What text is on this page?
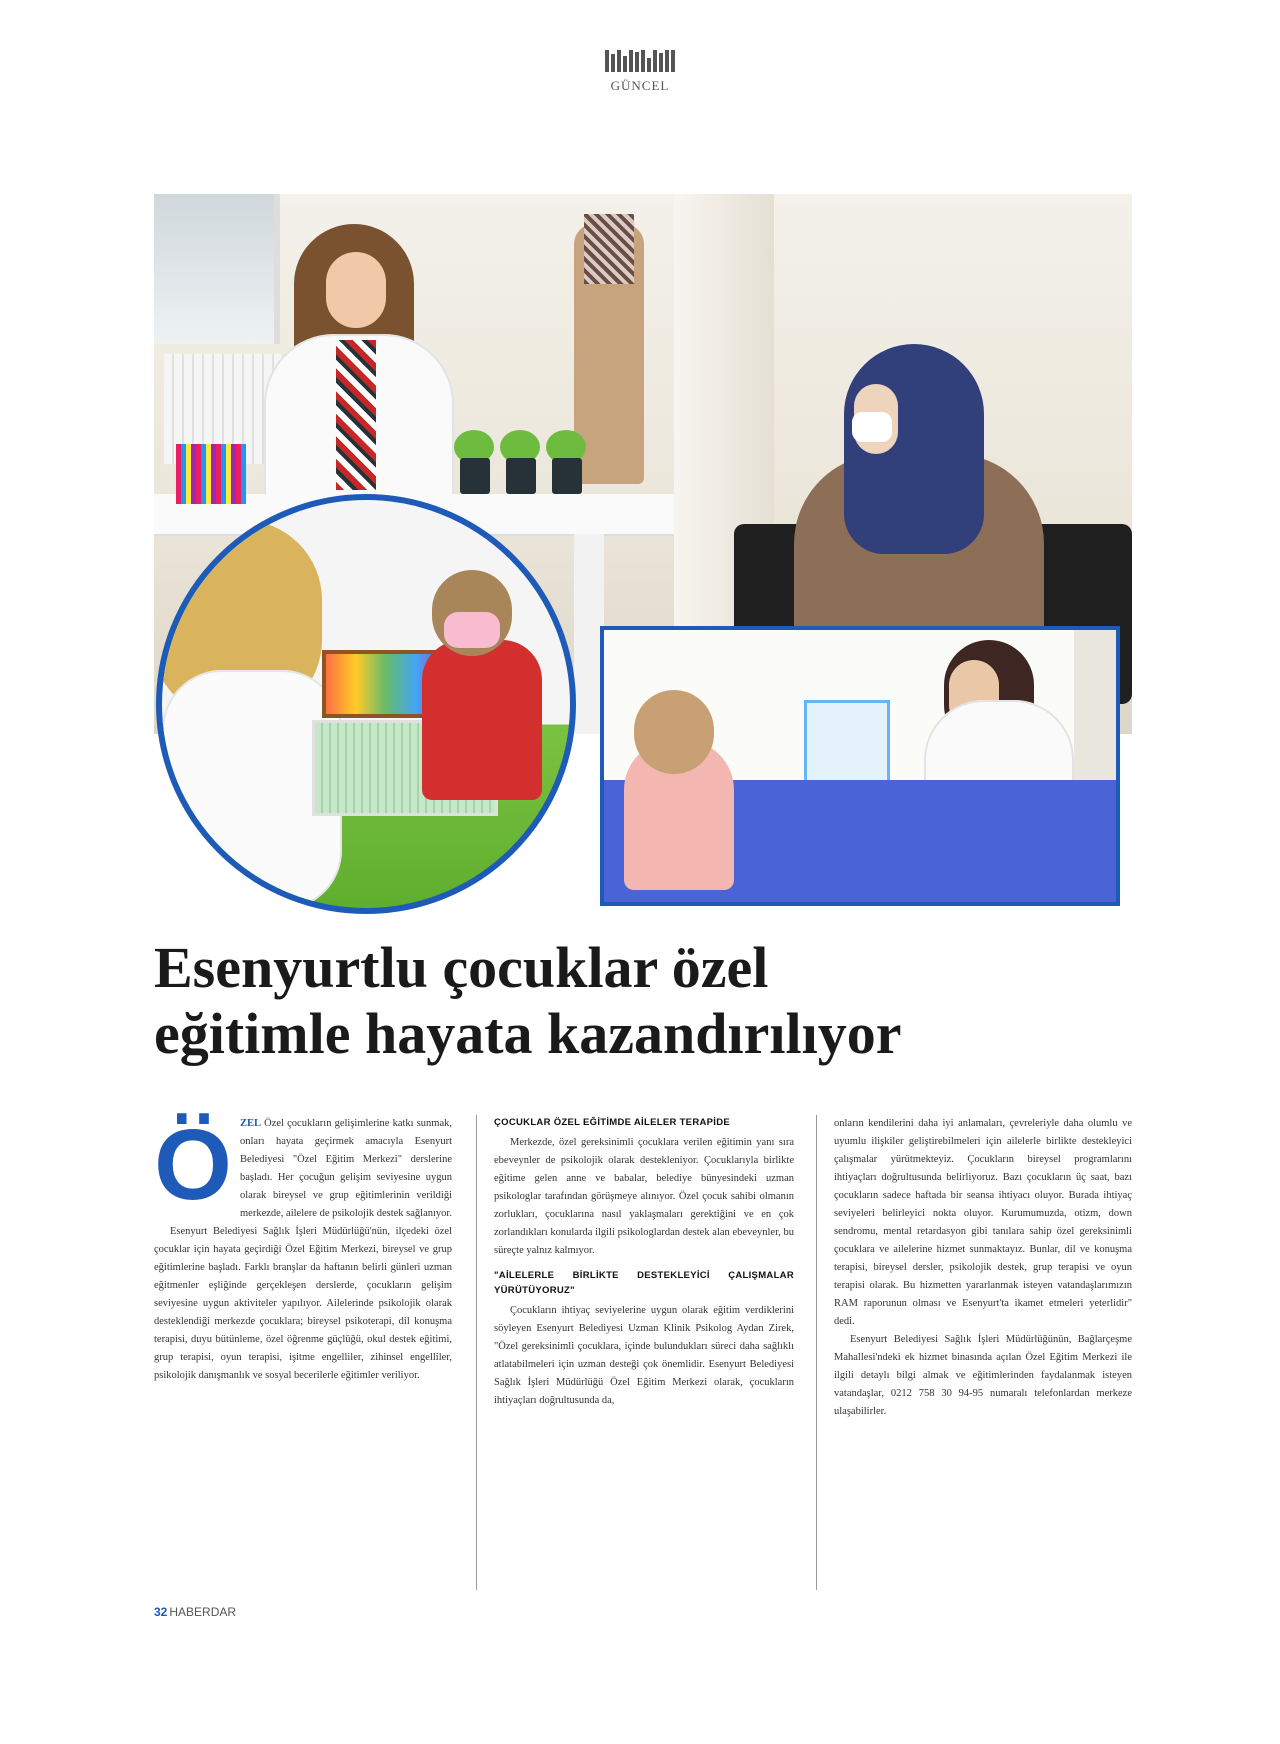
GÜNCEL
Esenyurtlu çocuklar özel
eğitimle hayata kazandırılıyor
Ö ZEL Özel çocukların gelişimlerine katkı sunmak, onları hayata geçirmek amacıyla Esenyurt Belediyesi "Özel Eğitim Merkezi" derslerine başladı. Her çocuğun gelişim seviyesine uygun olarak bireysel ve grup eğitimlerinin verildiği merkezde, ailelere de psikolojik destek sağlanıyor.

Esenyurt Belediyesi Sağlık İşleri Müdürlüğü'nün, ilçedeki özel çocuklar için hayata geçirdiği Özel Eğitim Merkezi, bireysel ve grup eğitimlerine başladı. Farklı branşlar da haftanın belirli günleri uzman eğitmenler eşliğinde gerçekleşen derslerde, çocukların gelişim seviyesine uygun aktiviteler yapılıyor. Ailelerinde psikolojik olarak desteklendiği merkezde çocuklara; bireysel psikoterapi, dil konuşma terapisi, duyu bütünleme, özel öğrenme güçlüğü, okul destek eğitimi, grup terapisi, oyun terapisi, işitme engelliler, zihinsel engelliler, psikolojik danışmanlık ve sosyal becerilerle eğitimler veriliyor.

ÇOCUKLAR ÖZEL EĞİTİMDE AİLELER TERAPİDE

Merkezde, özel gereksinimli çocuklara verilen eğitimin yanı sıra ebeveynler de psikolojik olarak destekleniyor. Çocuklarıyla birlikte eğitime gelen anne ve babalar, belediye bünyesindeki uzman psikologlar tarafından görüşmeye alınıyor. Özel çocuk sahibi olmanın zorlukları, çocuklarına nasıl yaklaşmaları gerektiğini ve en çok zorlandıkları konularda ilgili psikologlardan destek alan ebeveynler, bu süreçte yalnız kalmıyor.

"AİLELERLE BİRLİKTE DESTEKLEYİCİ ÇALIŞMALAR YÜRÜTÜYORUZ"

Çocukların ihtiyaç seviyelerine uygun olarak eğitim verdiklerini söyleyen Esenyurt Belediyesi Uzman Klinik Psikolog Aydan Zirek, "Özel gereksinimli çocuklara, içinde bulundukları süreci daha sağlıklı atlatabilmeleri için uzman desteği çok önemlidir. Esenyurt Belediyesi Sağlık İşleri Müdürlüğü Özel Eğitim Merkezi olarak, çocukların ihtiyaçları doğrultusunda da,

onların kendilerini daha iyi anlamaları, çevreleriyle daha olumlu ve uyumlu ilişkiler geliştirebilmeleri için ailelerle birlikte destekleyici çalışmalar yürütmekteyiz. Çocukların bireysel programlarını ihtiyaçları doğrultusunda belirliyoruz. Bazı çocukların üç saat, bazı çocukların sadece haftada bir seansa ihtiyacı oluyor. Burada ihtiyaç seviyeleri belirleyici nokta oluyor. Kurumumuzda, otizm, down sendromu, mental retardasyon gibi tanılara sahip özel gereksinimli çocuklara ve ailelerine hizmet sunmaktayız. Bunlar, dil ve konuşma terapisi, bireysel dersler, psikolojik destek, grup terapisi ve oyun terapisi olarak. Bu hizmetten yararlanmak isteyen vatandaşlarımızın RAM raporunun olması ve Esenyurt'ta ikamet etmeleri yeterlidir" dedi.

Esenyurt Belediyesi Sağlık İşleri Müdürlüğünün, Bağlarçeşme Mahallesi'ndeki ek hizmet binasında açılan Özel Eğitim Merkezi ile ilgili detaylı bilgi almak ve eğitimlerinden faydalanmak isteyen vatandaşlar, 0212 758 30 94-95 numaralı telefonlardan merkeze ulaşabilirler.

32 HABERDAR
